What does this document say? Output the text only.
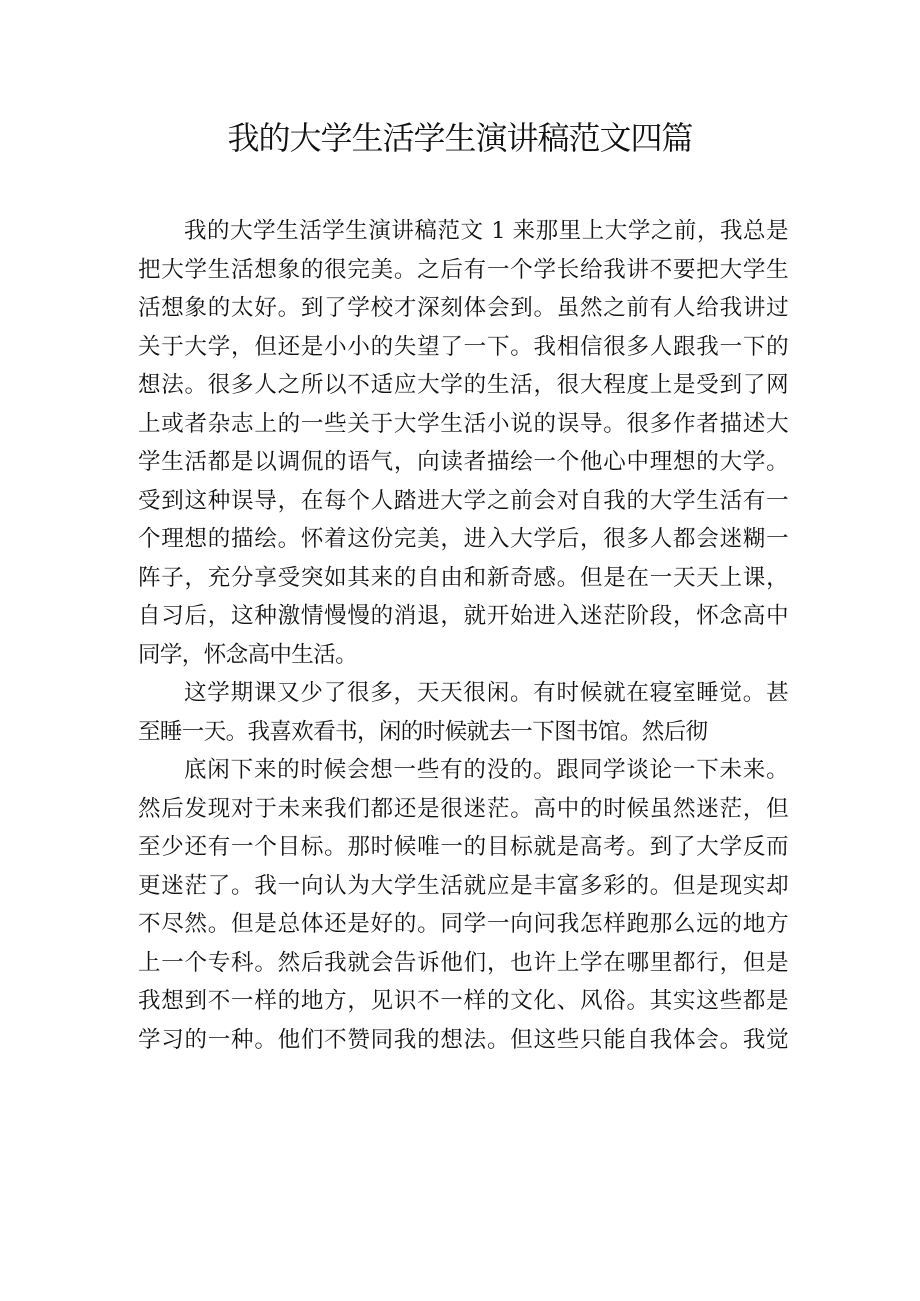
我的大学生活学生演讲稿范文四篇
我的大学生活学生演讲稿范文 1 来那里上大学之前，我总是
把大学生活想象的很完美。之后有一个学长给我讲不要把大学生
活想象的太好。到了学校才深刻体会到。虽然之前有人给我讲过
关于大学，但还是小小的失望了一下。我相信很多人跟我一下的
想法。很多人之所以不适应大学的生活，很大程度上是受到了网
上或者杂志上的一些关于大学生活小说的误导。很多作者描述大
学生活都是以调侃的语气，向读者描绘一个他心中理想的大学。
受到这种误导，在每个人踏进大学之前会对自我的大学生活有一
个理想的描绘。怀着这份完美，进入大学后，很多人都会迷糊一
阵子，充分享受突如其来的自由和新奇感。但是在一天天上课，
自习后，这种激情慢慢的消退，就开始进入迷茫阶段，怀念高中
同学，怀念高中生活。
这学期课又少了很多，天天很闲。有时候就在寝室睡觉。甚
至睡一天。我喜欢看书，闲的时候就去一下图书馆。然后彻
底闲下来的时候会想一些有的没的。跟同学谈论一下未来。
然后发现对于未来我们都还是很迷茫。高中的时候虽然迷茫，但
至少还有一个目标。那时候唯一的目标就是高考。到了大学反而
更迷茫了。我一向认为大学生活就应是丰富多彩的。但是现实却
不尽然。但是总体还是好的。同学一向问我怎样跑那么远的地方
上一个专科。然后我就会告诉他们，也许上学在哪里都行，但是
我想到不一样的地方，见识不一样的文化、风俗。其实这些都是
学习的一种。他们不赞同我的想法。但这些只能自我体会。我觉
